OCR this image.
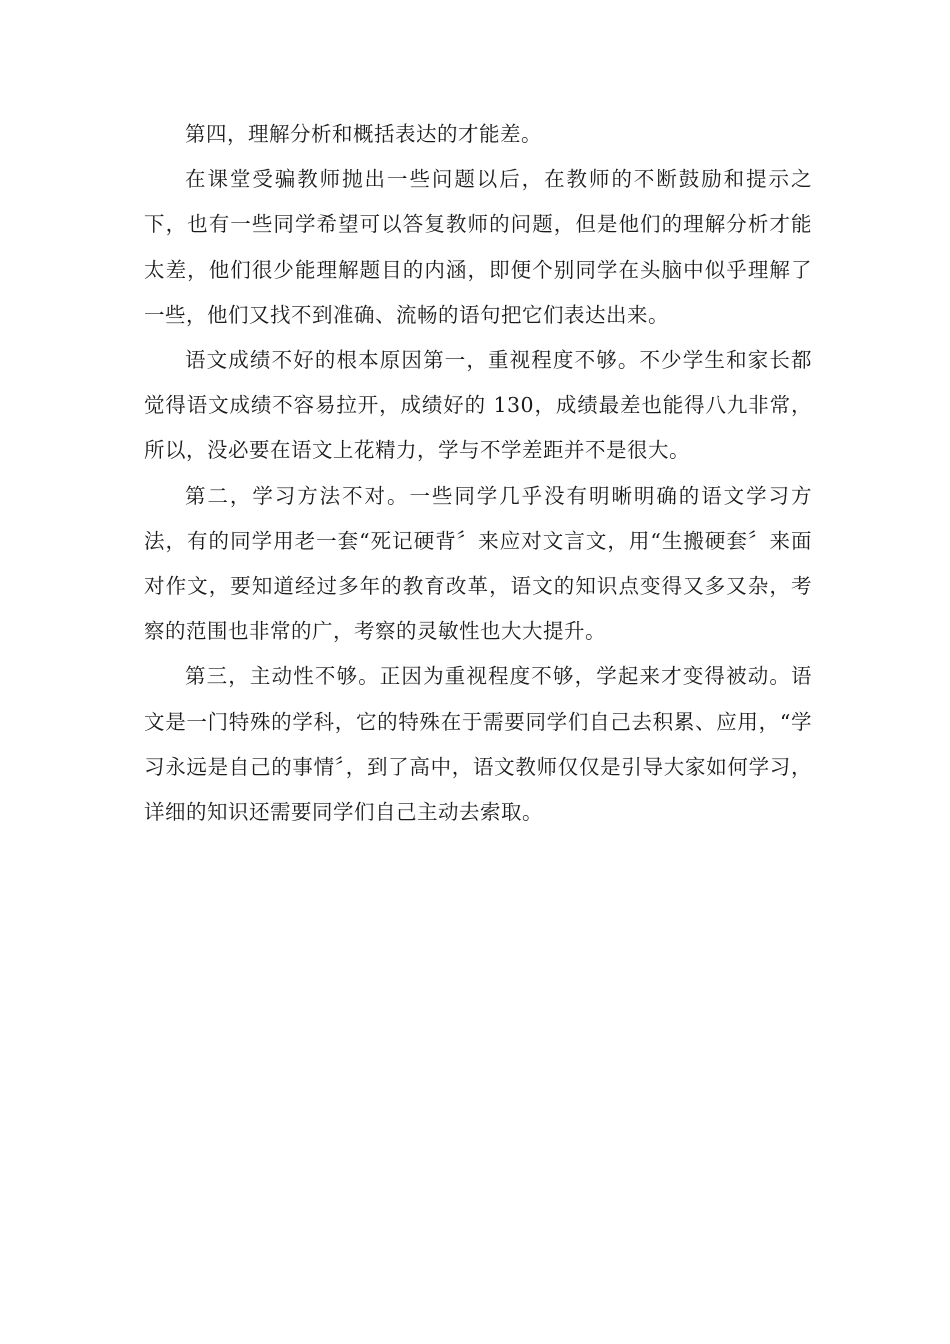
第四，理解分析和概括表达的才能差。

在课堂受骗教师抛出一些问题以后，在教师的不断鼓励和提示之下，也有一些同学希望可以答复教师的问题，但是他们的理解分析才能太差，他们很少能理解题目的内涵，即便个别同学在头脑中似乎理解了一些，他们又找不到准确、流畅的语句把它们表达出来。

语文成绩不好的根本原因第一，重视程度不够。不少学生和家长都觉得语文成绩不容易拉开，成绩好的 130，成绩最差也能得八九非常，所以，没必要在语文上花精力，学与不学差距并不是很大。

第二，学习方法不对。一些同学几乎没有明晰明确的语文学习方法，有的同学用老一套“死记硬背〞来应对文言文，用“生搬硬套〞来面对作文，要知道经过多年的教育改革，语文的知识点变得又多又杂，考察的范围也非常的广，考察的灵敏性也大大提升。

第三，主动性不够。正因为重视程度不够，学起来才变得被动。语文是一门特殊的学科，它的特殊在于需要同学们自己去积累、应用，“学习永远是自己的事情〞，到了高中，语文教师仅仅是引导大家如何学习，详细的知识还需要同学们自己主动去索取。
